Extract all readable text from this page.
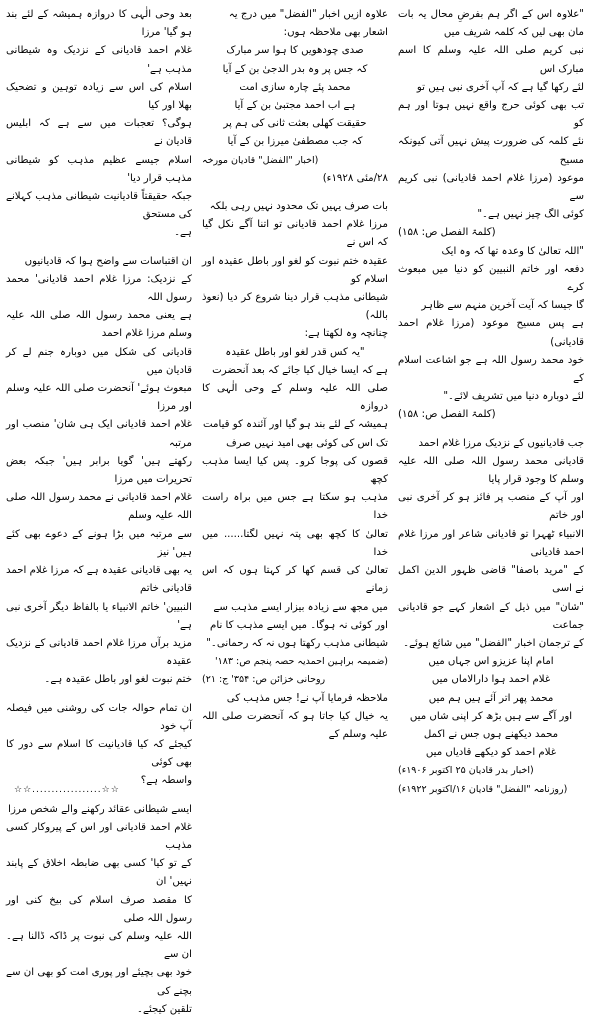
"علاوہ اس کے اگر ہم بفرضِ محال یہ بات مان بھی لیں کہ کلمہ شریف میں

نبی کریم صلی اللہ علیہ وسلم کا اسم مبارک اس

لئے رکھا گیا ہے کہ آپ آخری نبی ہیں تو

تب بھی کوئی حرج واقع نہیں ہوتا اور ہم کو

نئے کلمہ کی ضرورت پیش نہیں آتی کیونکہ مسیح

موعود (مرزا غلام احمد قادیانی) نبی کریم سے

کوئی الگ چیز نہیں ہے۔"

(کلمۃ الفصل ص: ۱۵۸)

"اللہ تعالیٰ کا وعدہ تھا کہ وہ ایک

دفعہ اور خاتم النبیین کو دنیا میں مبعوث کرے

گا جیسا کہ آیت آخرین منہم سے ظاہر

ہے پس مسیح موعود (مرزا غلام احمد قادیانی)

خود محمد رسول اللہ ہے جو اشاعت اسلام کے

لئے دوبارہ دنیا میں تشریف لائے۔"

(کلمۃ الفصل ص: ۱۵۸)

جب قادیانیوں کے نزدیک مرزا غلام احمد

قادیانی محمد رسول اللہ صلی اللہ علیہ وسلم کا وجود قرار پایا

اور آپ کے منصب پر فائز ہو کر آخری نبی اور خاتم

الانبیاء ٹھہرا تو قادیانی شاعر اور مرزا غلام احمد قادیانی

کے "مرید باصفا" قاضی ظہور الدین اکمل نے اسی

"شان" میں ذیل کے اشعار کہے جو قادیانی جماعت

کے ترجمان اخبار "الفضل" میں شائع ہوئے۔

امام اپنا عزیزو اس جہاں میں

غلام احمد ہوا دارالاماں میں

محمد پھر اتر آئے ہیں ہم میں

اور آگے سے ہیں بڑھ کر اپنی شاں میں

محمد دیکھنے ہوں جس نے اکمل

غلام احمد کو دیکھے قادیاں میں

(اخبار بدر قادیان ۲۵ اکتوبر ۱۹۰۶ء)

(روزنامہ "الفضل" قادیان ۱۶/اکتوبر ۱۹۲۲ء)

علاوہ ازیں اخبار "الفضل" میں درج یہ

اشعار بھی ملاحظہ ہوں:

صدی چودھویں کا ہوا سر مبارک

کہ جس پر وہ بدر الدجیٰ بن کے آیا

محمد پئے چارہ سازی امت

ہے اب احمد مجتبیٰ بن کے آیا

حقیقت کھلی بعثت ثانی کی ہم پر

کہ جب مصطفیٰ میرزا بن کے آیا

(اخبار "الفضل" قادیان مورخہ

۲۸/مئی ۱۹۲۸ء)

بات صرف یہیں تک محدود نہیں رہی بلکہ

مرزا غلام احمد قادیانی تو اتنا آگے نکل گیا کہ اس نے

عقیدہ ختم نبوت کو لغو اور باطل عقیدہ اور اسلام کو

شیطانی مذہب قرار دینا شروع کر دیا (نعوذ باللہ)

چنانچہ وہ لکھتا ہے:

"یہ کس قدر لغو اور باطل عقیدہ

ہے کہ ایسا خیال کیا جائے کہ بعد آنحضرت

صلی اللہ علیہ وسلم کے وحی الٰہی کا دروازہ

ہمیشہ کے لئے بند ہو گیا اور آئندہ کو قیامت

تک اس کی کوئی بھی امید نہیں صرف

قصوں کی پوجا کرو۔ پس کیا ایسا مذہب کچھ

مذہب ہو سکتا ہے جس میں براہ راست خدا

تعالیٰ کا کچھ بھی پتہ نہیں لگتا...... میں خدا

تعالیٰ کی قسم کھا کر کہتا ہوں کہ اس زمانے

میں مجھ سے زیادہ بیزار ایسے مذہب سے

اور کوئی نہ ہوگا۔ میں ایسے مذہب کا نام

شیطانی مذہب رکھتا ہوں نہ کہ رحمانی۔"

(ضمیمہ براہین احمدیہ حصہ پنجم ص: ۱۸۳'

روحانی خزائن ص: ۳۵۴' ج: ۲۱)

ملاحظہ فرمایا آپ نے! جس مذہب کی

یہ خیال کیا جاتا ہو کہ آنحضرت صلی اللہ علیہ وسلم کے

بعد وحی الٰہی کا دروازہ ہمیشہ کے لئے بند ہو گیا' مرزا

غلام احمد قادیانی کے نزدیک وہ شیطانی مذہب ہے'

اسلام کی اس سے زیادہ توہین و تضحیک بھلا اور کیا

ہوگی؟ تعجبات میں سے ہے کہ ابلیس قادیان نے

اسلام جیسے عظیم مذہب کو شیطانی مذہب قرار دیا'

جبکہ حقیقتاً قادیانیت شیطانی مذہب کہلانے کی مستحق

ہے۔

ان اقتباسات سے واضح ہوا کہ قادیانیوں

کے نزدیک: مرزا غلام احمد قادیانی' محمد رسول اللہ

ہے یعنی محمد رسول اللہ صلی اللہ علیہ وسلم مرزا غلام احمد

قادیانی کی شکل میں دوبارہ جنم لے کر قادیان میں

مبعوث ہوئے' آنحضرت صلی اللہ علیہ وسلم اور مرزا

غلام احمد قادیانی ایک ہی شان' منصب اور مرتبہ

رکھتے ہیں' گویا برابر ہیں' جبکہ بعض تحریرات میں مرزا

غلام احمد قادیانی نے محمد رسول اللہ صلی اللہ علیہ وسلم

سے مرتبہ میں بڑا ہونے کے دعوے بھی کئے ہیں' نیز

یہ بھی قادیانی عقیدہ ہے کہ مرزا غلام احمد قادیانی خاتم

النبیین' خاتم الانبیاء یا بالفاظ دیگر آخری نبی ہے'

مزید برآں مرزا غلام احمد قادیانی کے نزدیک عقیدہ

ختم نبوت لغو اور باطل عقیدہ ہے۔

ان تمام حوالہ جات کی روشنی میں فیصلہ آپ خود

کیجئے کہ کیا قادیانیت کا اسلام سے دور کا بھی کوئی

واسطہ ہے؟

ایسے شیطانی عقائد رکھنے والے شخص مرزا

غلام احمد قادیانی اور اس کے پیروکار کسی مذہب

کے تو کیا' کسی بھی ضابطہ اخلاق کے پابند نہیں' ان

کا مقصد صرف اسلام کی بیخ کنی اور رسول اللہ صلی

اللہ علیہ وسلم کی نبوت پر ڈاکہ ڈالنا ہے۔ ان سے

خود بھی بچیئے اور پوری امت کو بھی ان سے بچنے کی

تلقین کیجئے۔

☆☆..................☆☆
